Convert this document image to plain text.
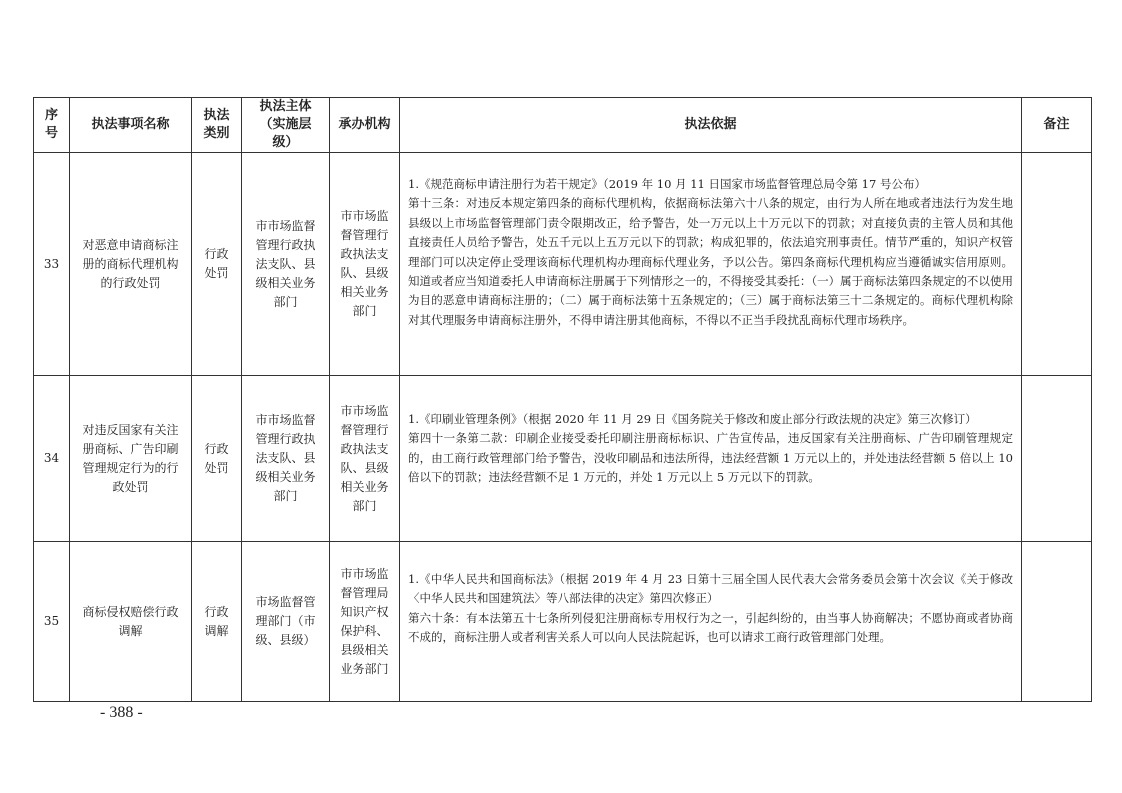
序号	执法事项名称	执法类别	执法主体（实施层级）	承办机构	执法依据	备注

33	对恶意申请商标注册的商标代理机构的行政处罚	行政处罚	市市场监督管理行政执法支队、县级相关业务部门	市市场监督管理行政执法支队、县级相关业务部门	1.《规范商标申请注册行为若干规定》（2019 年 10 月 11 日国家市场监督管理总局令第 17 号公布）
第十三条：对违反本规定第四条的商标代理机构，依据商标法第六十八条的规定，由行为人所在地或者违法行为发生地县级以上市场监督管理部门责令限期改正，给予警告，处一万元以上十万元以下的罚款；对直接负责的主管人员和其他直接责任人员给予警告，处五千元以上五万元以下的罚款；构成犯罪的，依法追究刑事责任。情节严重的，知识产权管理部门可以决定停止受理该商标代理机构办理商标代理业务，予以公告。第四条商标代理机构应当遵循诚实信用原则。知道或者应当知道委托人申请商标注册属于下列情形之一的，不得接受其委托：（一）属于商标法第四条规定的不以使用为目的恶意申请商标注册的；（二）属于商标法第十五条规定的；（三）属于商标法第三十二条规定的。商标代理机构除对其代理服务申请商标注册外，不得申请注册其他商标，不得以不正当手段扰乱商标代理市场秩序。	

34	对违反国家有关注册商标、广告印刷管理规定行为的行政处罚	行政处罚	市市场监督管理行政执法支队、县级相关业务部门	市市场监督管理行政执法支队、县级相关业务部门	1.《印刷业管理条例》（根据 2020 年 11 月 29 日《国务院关于修改和废止部分行政法规的决定》第三次修订）
第四十一条第二款：印刷企业接受委托印刷注册商标标识、广告宣传品，违反国家有关注册商标、广告印刷管理规定的，由工商行政管理部门给予警告，没收印刷品和违法所得，违法经营额 1 万元以上的，并处违法经营额 5 倍以上 10 倍以下的罚款；违法经营额不足 1 万元的，并处 1 万元以上 5 万元以下的罚款。	

35	商标侵权赔偿行政调解	行政调解	市场监督管理部门（市级、县级）	市市场监督管理局知识产权保护科、县级相关业务部门	1.《中华人民共和国商标法》（根据 2019 年 4 月 23 日第十三届全国人民代表大会常务委员会第十次会议《关于修改〈中华人民共和国建筑法〉等八部法律的决定》第四次修正）
第六十条：有本法第五十七条所列侵犯注册商标专用权行为之一，引起纠纷的，由当事人协商解决；不愿协商或者协商不成的，商标注册人或者利害关系人可以向人民法院起诉，也可以请求工商行政管理部门处理。	

- 388 -
